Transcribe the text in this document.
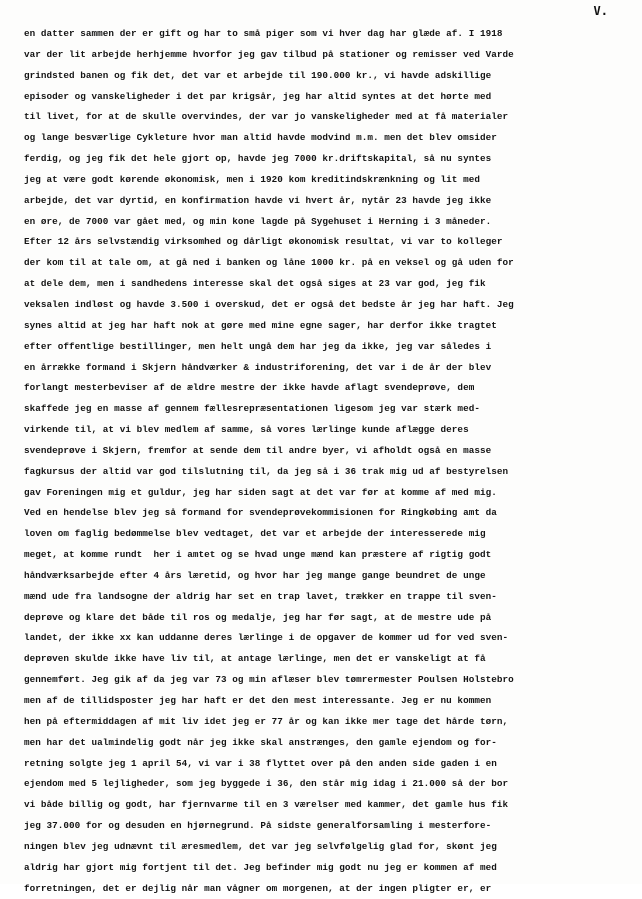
V.
en datter sammen der er gift og har to små piger som vi hver dag har glæde af. I 1918
var der lit arbejde herhjemme hvorfor jeg gav tilbud på stationer og remisser ved Varde
grindsted banen og fik det, det var et arbejde til 190.000 kr., vi havde adskillige
episoder og vanskeligheder i det par krigsår, jeg har altid syntes at det hørte med
til livet, for at de skulle overvindes, der var jo vanskeligheder med at få materialer
og lange besværlige Cykleture hvor man altid havde modvind m.m. men det blev omsider
ferdig, og jeg fik det hele gjort op, havde jeg 7000 kr.driftskapital, så nu syntes
jeg at være godt kørende økonomisk, men i 1920 kom kreditindskrænkning og lit med
arbejde, det var dyrtid, en konfirmation havde vi hvert år, nytår 23 havde jeg ikke
en øre, de 7000 var gået med, og min kone lagde på Sygehuset i Herning i 3 måneder.
Efter 12 års selvstændig virksomhed og dårligt økonomisk resultat, vi var to kolleger
der kom til at tale om, at gå ned i banken og låne 1000 kr. på en veksel og gå uden for
at dele dem, men i sandhedens interesse skal det også siges at 23 var god, jeg fik
veksalen indløst og havde 3.500 i overskud, det er også det bedste år jeg har haft. Jeg
synes altid at jeg har haft nok at gøre med mine egne sager, har derfor ikke tragtet
efter offentlige bestillinger, men helt ungå dem har jeg da ikke, jeg var således i
en årrække formand i Skjern håndværker & industriforening, det var i de år der blev
forlangt mesterbeviser af de ældre mestre der ikke havde aflagt svendeprøve, dem
skaffede jeg en masse af gennem fællesrepræsentationen ligesom jeg var stærk med-
virkende til, at vi blev medlem af samme, så vores lærlinge kunde aflægge deres
svendeprøve i Skjern, fremfor at sende dem til andre byer, vi afholdt også en masse
fagkursus der altid var god tilslutning til, da jeg så i 36 trak mig ud af bestyrelsen
gav Foreningen mig et guldur, jeg har siden sagt at det var før at komme af med mig.
Ved en hendelse blev jeg så formand for svendeprøvekommisionen for Ringkøbing amt da
loven om faglig bedømmelse blev vedtaget, det var et arbejde der interesserede mig
meget, at komme rundt  her i amtet og se hvad unge mænd kan præstere af rigtig godt
håndværksarbejde efter 4 års læretid, og hvor har jeg mange gange beundret de unge
mænd ude fra landsogne der aldrig har set en trap lavet, trækker en trappe til sven-
deprøve og klare det både til ros og medalje, jeg har før sagt, at de mestre ude på
landet, der ikke xx kan uddanne deres lærlinge i de opgaver de kommer ud for ved sven-
deprøven skulde ikke have liv til, at antage lærlinge, men det er vanskeligt at få
gennemført. Jeg gik af da jeg var 73 og min aflæser blev tømrermester Poulsen Holstebro
men af de tillidsposter jeg har haft er det den mest interessante. Jeg er nu kommen
hen på eftermiddagen af mit liv idet jeg er 77 år og kan ikke mer tage det hårde tørn,
men har det ualmindelig godt når jeg ikke skal anstrænges, den gamle ejendom og for-
retning solgte jeg 1 april 54, vi var i 38 flyttet over på den anden side gaden i en
ejendom med 5 lejligheder, som jeg byggede i 36, den står mig idag i 21.000 så der bor
vi både billig og godt, har fjernvarme til en 3 værelser med kammer, det gamle hus fik
jeg 37.000 for og desuden en hjørnegrund. På sidste generalforsamling i mesterfore-
ningen blev jeg udnævnt til æresmedlem, det var jeg selvfølgelig glad for, skønt jeg
aldrig har gjort mig fortjent til det. Jeg befinder mig godt nu jeg er kommen af med
forretningen, det er dejlig når man vågner om morgenen, at der ingen pligter er, er
